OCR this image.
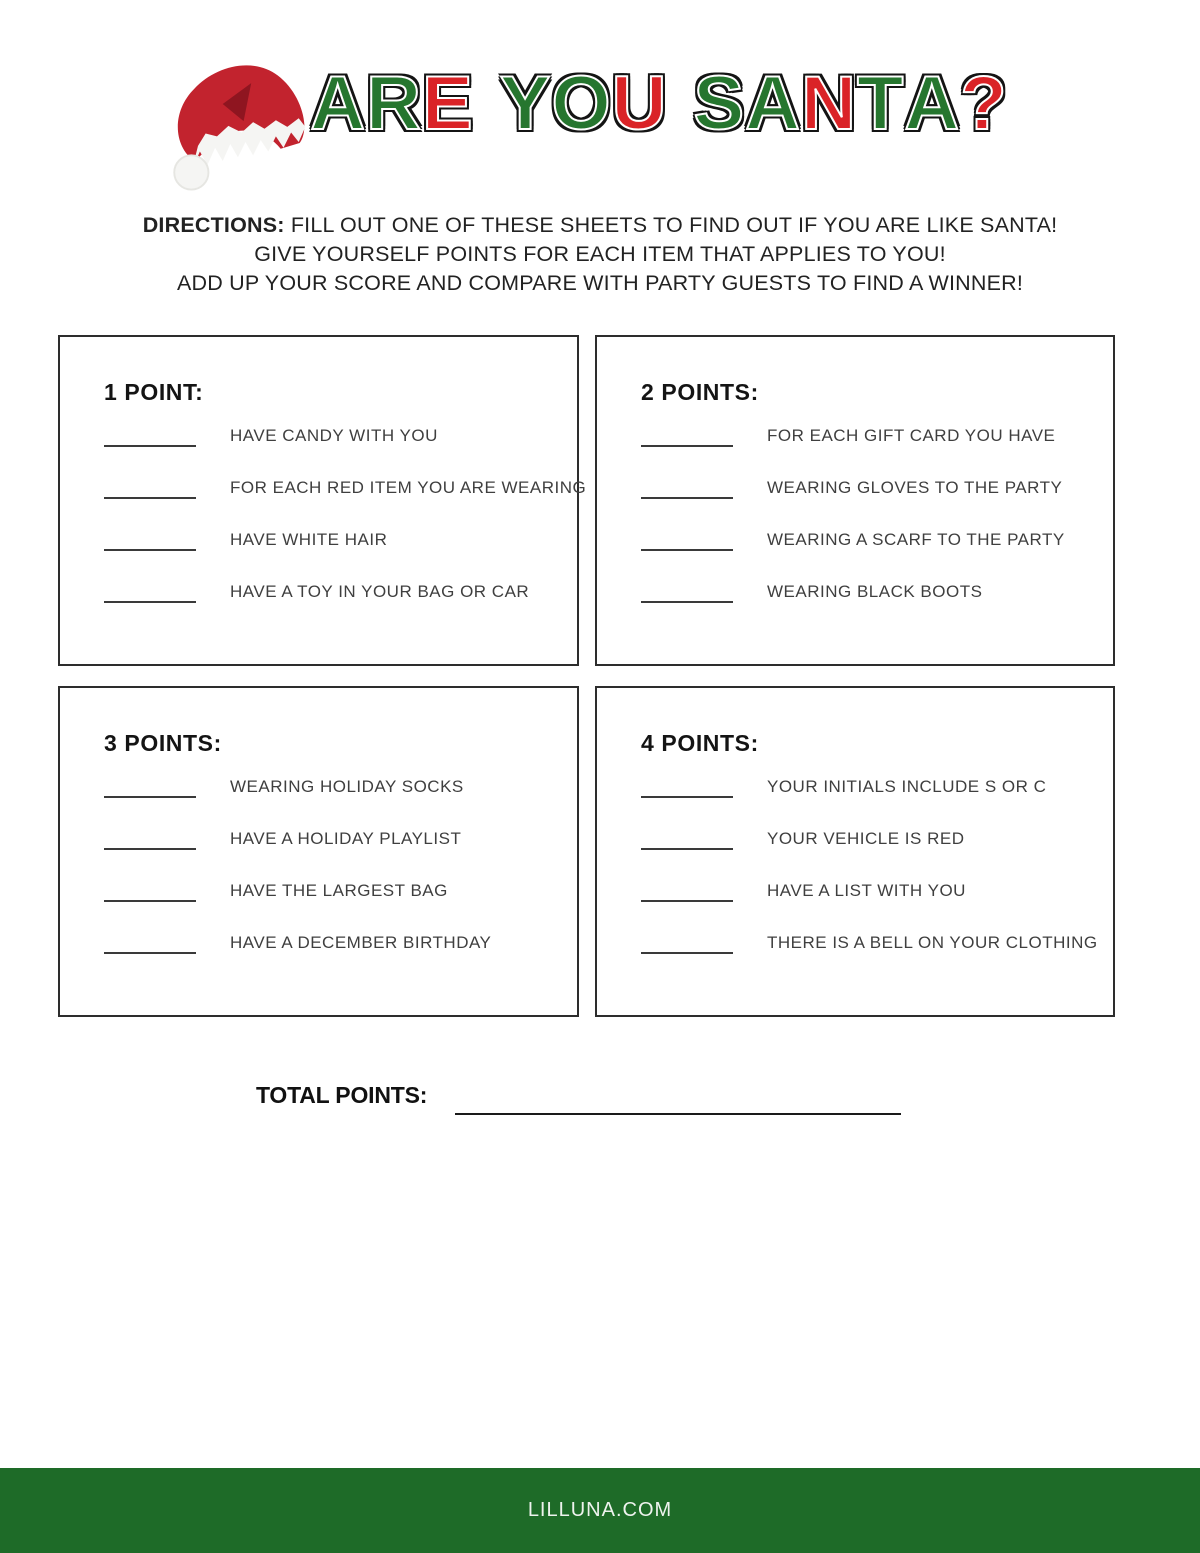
ARE YOU SANTA?

DIRECTIONS: FILL OUT ONE OF THESE SHEETS TO FIND OUT IF YOU ARE LIKE SANTA!

GIVE YOURSELF POINTS FOR EACH ITEM THAT APPLIES TO YOU!

ADD UP YOUR SCORE AND COMPARE WITH PARTY GUESTS TO FIND A WINNER!

1 POINT:
HAVE CANDY WITH YOU
FOR EACH RED ITEM YOU ARE WEARING
HAVE WHITE HAIR
HAVE A TOY IN YOUR BAG OR CAR
2 POINTS:
FOR EACH GIFT CARD YOU HAVE
WEARING GLOVES TO THE PARTY
WEARING A SCARF TO THE PARTY
WEARING BLACK BOOTS
3 POINTS:
WEARING HOLIDAY SOCKS
HAVE A HOLIDAY PLAYLIST
HAVE THE LARGEST BAG
HAVE A DECEMBER BIRTHDAY
4 POINTS:
YOUR INITIALS INCLUDE S OR C
YOUR VEHICLE IS RED
HAVE A LIST WITH YOU
THERE IS A BELL ON YOUR CLOTHING
TOTAL POINTS:
LILLUNA.COM
